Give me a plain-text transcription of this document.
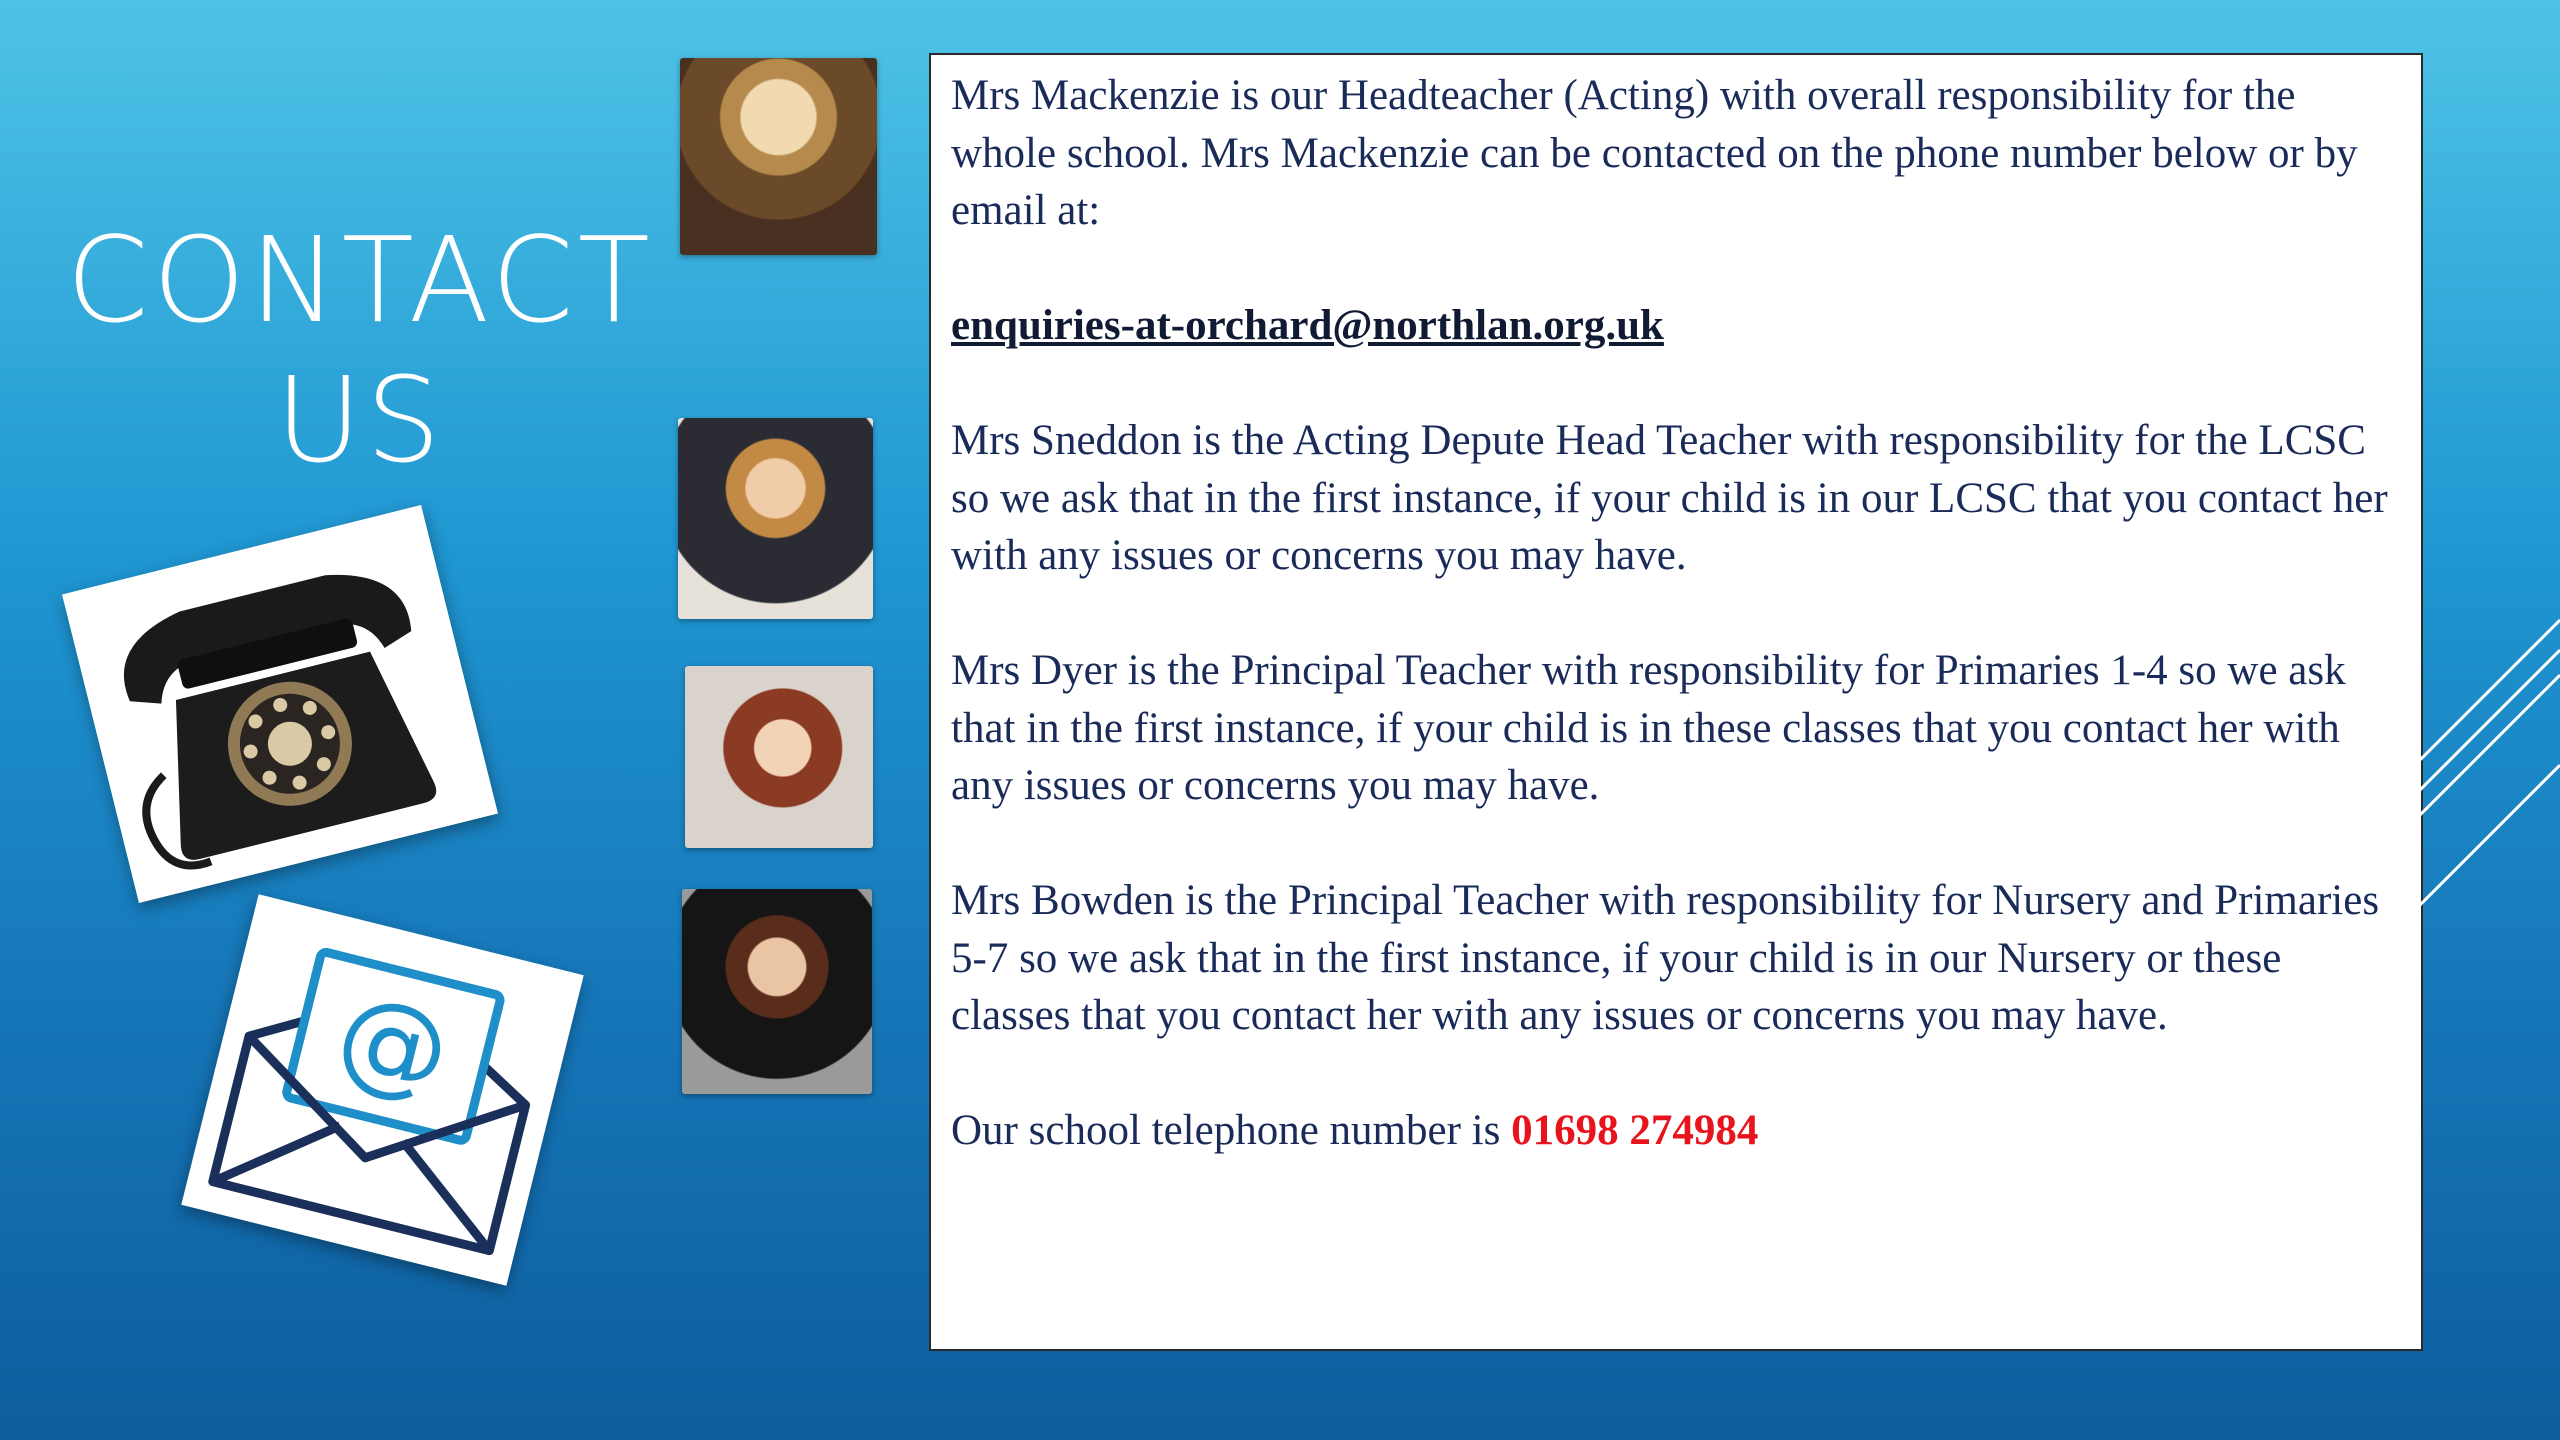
CONTACT
US
@

Mrs Mackenzie is our Headteacher (Acting) with overall responsibility for the whole school. Mrs Mackenzie can be contacted on the phone number below or by email at:

enquiries-at-orchard@northlan.org.uk

Mrs Sneddon is the Acting Depute Head Teacher with responsibility for the LCSC so we ask that in the first instance, if your child is in our LCSC that you contact her with any issues or concerns you may have.

Mrs Dyer is the Principal Teacher with responsibility for Primaries 1-4 so we ask that in the first instance, if your child is in these classes that you contact her with any issues or concerns you may have.

Mrs Bowden is the Principal Teacher with responsibility for Nursery and Primaries 5-7 so we ask that in the first instance, if your child is in our Nursery or these classes that you contact her with any issues or concerns you may have.

Our school telephone number is 01698 274984
